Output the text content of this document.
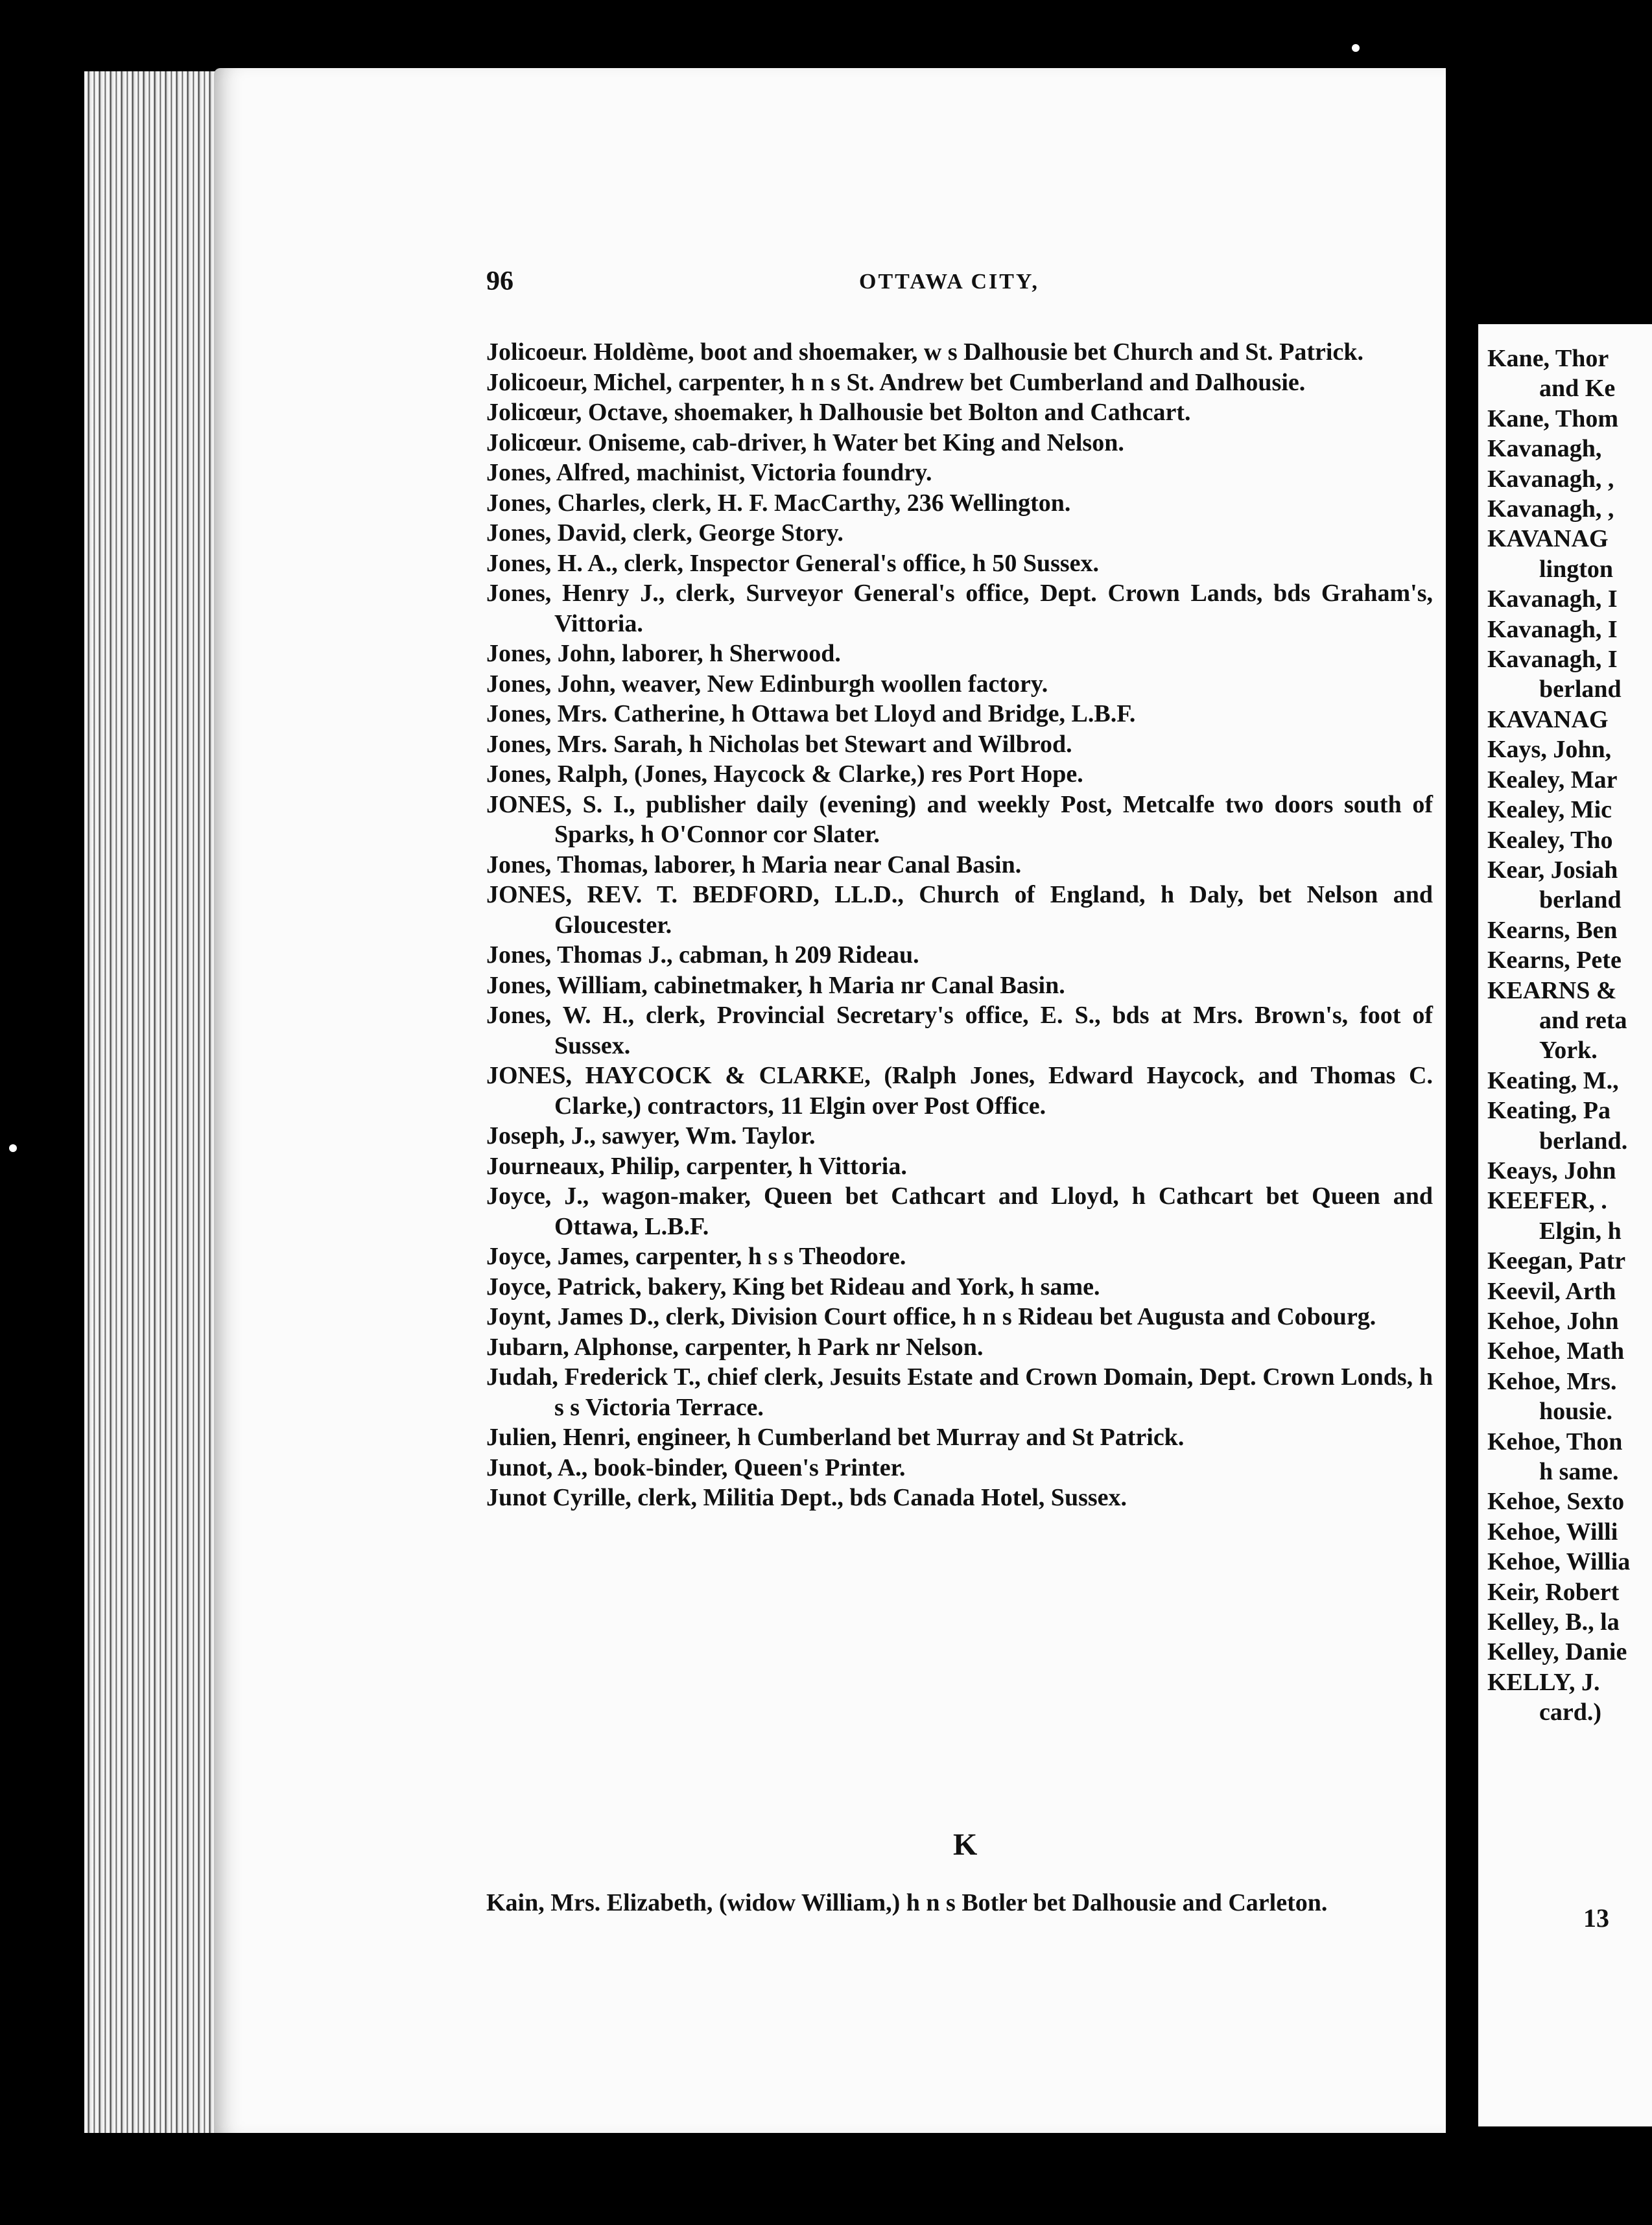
96	OTTAWA CITY,

Jolicoeur. Holdème, boot and shoemaker, w s Dalhousie bet Church and St. Patrick.

Jolicoeur, Michel, carpenter, h n s St. Andrew bet Cumberland and Dalhousie.

Jolicœur, Octave, shoemaker, h Dalhousie bet Bolton and Cathcart.

Jolicœur. Oniseme, cab-driver, h Water bet King and Nelson.

Jones, Alfred, machinist, Victoria foundry.

Jones, Charles, clerk, H. F. MacCarthy, 236 Wellington.

Jones, David, clerk, George Story.

Jones, H. A., clerk, Inspector General's office, h 50 Sussex.

Jones, Henry J., clerk, Surveyor General's office, Dept. Crown Lands, bds Graham's, Vittoria.

Jones, John, laborer, h Sherwood.

Jones, John, weaver, New Edinburgh woollen factory.

Jones, Mrs. Catherine, h Ottawa bet Lloyd and Bridge, L.B.F.

Jones, Mrs. Sarah, h Nicholas bet Stewart and Wilbrod.

Jones, Ralph, (Jones, Haycock & Clarke,) res Port Hope.

JONES, S. I., publisher daily (evening) and weekly Post, Metcalfe two doors south of Sparks, h O'Connor cor Slater.

Jones, Thomas, laborer, h Maria near Canal Basin.

JONES, REV. T. BEDFORD, LL.D., Church of England, h Daly, bet Nelson and Gloucester.

Jones, Thomas J., cabman, h 209 Rideau.

Jones, William, cabinetmaker, h Maria nr Canal Basin.

Jones, W. H., clerk, Provincial Secretary's office, E. S., bds at Mrs. Brown's, foot of Sussex.

JONES, HAYCOCK & CLARKE, (Ralph Jones, Edward Haycock, and Thomas C. Clarke,) contractors, 11 Elgin over Post Office.

Joseph, J., sawyer, Wm. Taylor.

Journeaux, Philip, carpenter, h Vittoria.

Joyce, J., wagon-maker, Queen bet Cathcart and Lloyd, h Cathcart bet Queen and Ottawa, L.B.F.

Joyce, James, carpenter, h s s Theodore.

Joyce, Patrick, bakery, King bet Rideau and York, h same.

Joynt, James D., clerk, Division Court office, h n s Rideau bet Augusta and Cobourg.

Jubarn, Alphonse, carpenter, h Park nr Nelson.

Judah, Frederick T., chief clerk, Jesuits Estate and Crown Domain, Dept. Crown Londs, h s s Victoria Terrace.

Julien, Henri, engineer, h Cumberland bet Murray and St Patrick.

Junot, A., book-binder, Queen's Printer.

Junot Cyrille, clerk, Militia Dept., bds Canada Hotel, Sussex.

K

Kain, Mrs. Elizabeth, (widow William,) h n s Botler bet Dalhousie and Carleton.

Kane, Thor

and Ke

Kane, Thom

Kavanagh,

Kavanagh, ,

Kavanagh, ,

KAVANAG

lington

Kavanagh, I

Kavanagh, I

Kavanagh, I

berland

KAVANAG

Kays, John,

Kealey, Mar

Kealey, Mic

Kealey, Tho

Kear, Josiah

berland

Kearns, Ben

Kearns, Pete

KEARNS &

and reta

York.

Keating, M.,

Keating, Pa

berland.

Keays, John

KEEFER, .

Elgin, h

Keegan, Patr

Keevil, Arth

Kehoe, John

Kehoe, Math

Kehoe, Mrs.

housie.

Kehoe, Thon

h same.

Kehoe, Sexto

Kehoe, Willi

Kehoe, Willia

Keir, Robert

Kelley, B., la

Kelley, Danie

KELLY, J.

card.)

13
